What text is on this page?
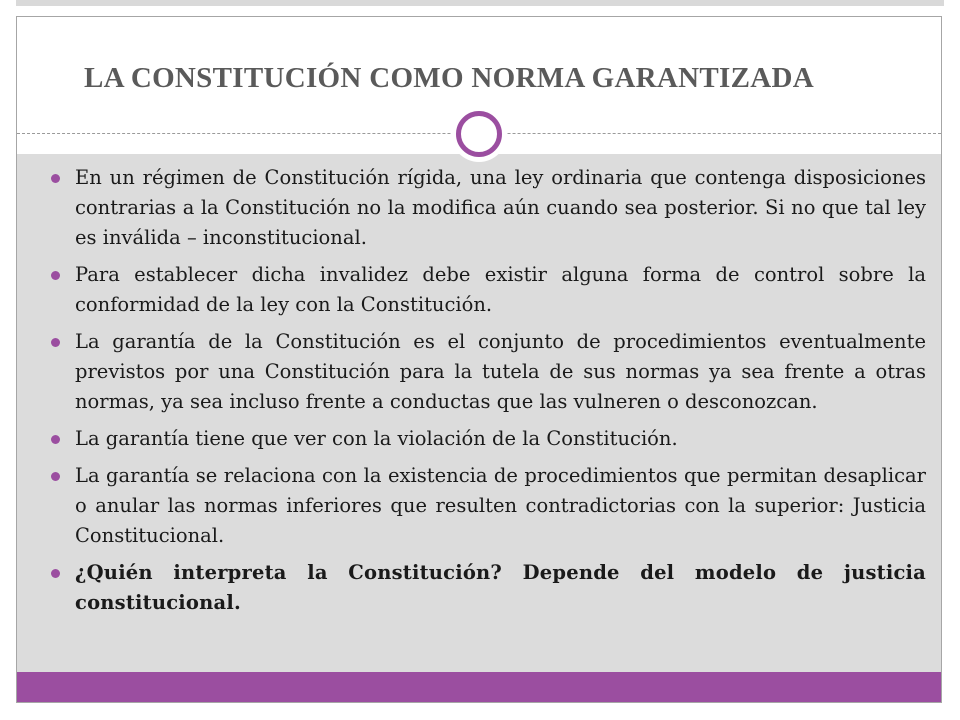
LA CONSTITUCIÓN COMO NORMA GARANTIZADA
En un régimen de Constitución rígida, una ley ordinaria que contenga disposiciones contrarias a la Constitución no la modifica aún cuando sea posterior. Si no que tal ley es inválida – inconstitucional.
Para establecer dicha invalidez debe existir alguna forma de control sobre la conformidad de la ley con la Constitución.
La garantía de la Constitución es el conjunto de procedimientos eventualmente previstos por una Constitución para la tutela de sus normas ya sea frente a otras normas, ya sea incluso frente a conductas que las vulneren o desconozcan.
La garantía tiene que ver con la violación de la Constitución.
La garantía se relaciona con la existencia de procedimientos que permitan desaplicar o anular las normas inferiores que resulten contradictorias con la superior: Justicia Constitucional.
¿Quién interpreta la Constitución? Depende del modelo de justicia constitucional.
